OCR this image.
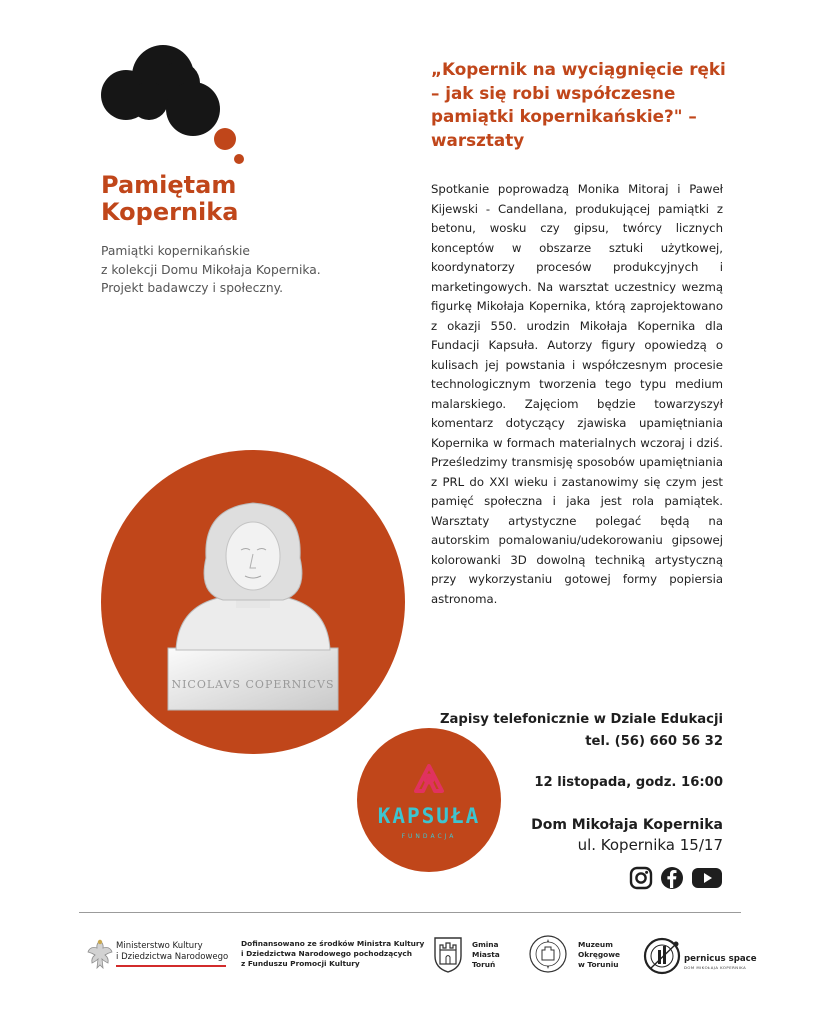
Pamiętam
Kopernika
Pamiątki kopernikańskie
z kolekcji Domu Mikołaja Kopernika.
Projekt badawczy i społeczny.
„Kopernik na wyciągnięcie ręki – jak się robi współczesne pamiątki kopernikańskie?" – warsztaty
Spotkanie poprowadzą Monika Mitoraj i Paweł Kijewski - Candellana, produkującej pamiątki z betonu, wosku czy gipsu, twórcy licznych konceptów w obszarze sztuki użytkowej, koordynatorzy procesów produkcyjnych i marketingowych. Na warsztat uczestnicy wezmą figurkę Mikołaja Kopernika, którą zaprojektowano z okazji 550. urodzin Mikołaja Kopernika dla Fundacji Kapsuła. Autorzy figury opowiedzą o kulisach jej powstania i współczesnym procesie technologicznym tworzenia tego typu medium malarskiego. Zajęciom będzie towarzyszył komentarz dotyczący zjawiska upamiętniania Kopernika w formach materialnych wczoraj i dziś. Prześledzimy transmisję sposobów upamiętniania z PRL do XXI wieku i zastanowimy się czym jest pamięć społeczna i jaka jest rola pamiątek. Warsztaty artystyczne polegać będą na autorskim pomalowaniu/udekorowaniu gipsowej kolorowanki 3D dowolną techniką artystyczną przy wykorzystaniu gotowej formy popiersia astronoma.
NICOLAVS COPERNICVS
KAPSUŁA
FUNDACJA
Zapisy telefonicznie w Dziale Edukacji
tel. (56) 660 56 32
12 listopada, godz. 16:00
Dom Mikołaja Kopernika
ul. Kopernika 15/17
Ministerstwo Kultury
i Dziedzictwa Narodowego
Dofinansowano ze środków Ministra Kultury
i Dziedzictwa Narodowego pochodzących
z Funduszu Promocji Kultury
Gmina
Miasta
Toruń
Muzeum
Okręgowe
w Toruniu
pernicus space
DOM MIKOŁAJA KOPERNIKA
